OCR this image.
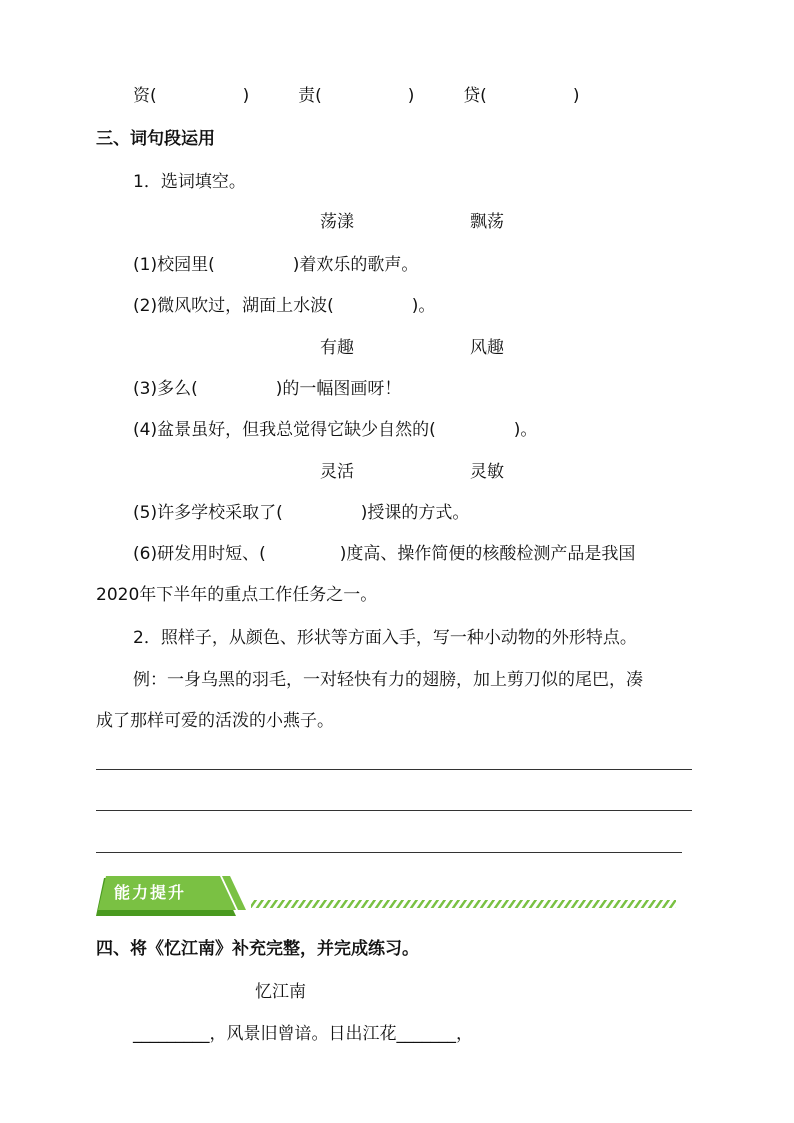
资(	)	责(	)	贷(	)
三、词句段运用
1．选词填空。
荡漾	飘荡
(1)校园里(	)着欢乐的歌声。
(2)微风吹过，湖面上水波(	)。
有趣	风趣
(3)多么(	)的一幅图画呀！
(4)盆景虽好，但我总觉得它缺少自然的(	)。
灵活	灵敏
(5)许多学校采取了(	)授课的方式。
(6)研发用时短、(	)度高、操作简便的核酸检测产品是我国
2020年下半年的重点工作任务之一。
2．照样子，从颜色、形状等方面入手，写一种小动物的外形特点。
例：一身乌黑的羽毛，一对轻快有力的翅膀，加上剪刀似的尾巴，凑
成了那样可爱的活泼的小燕子。
能力提升
四、将《忆江南》补充完整，并完成练习。
忆江南
_________，风景旧曾谙。日出江花_______，
